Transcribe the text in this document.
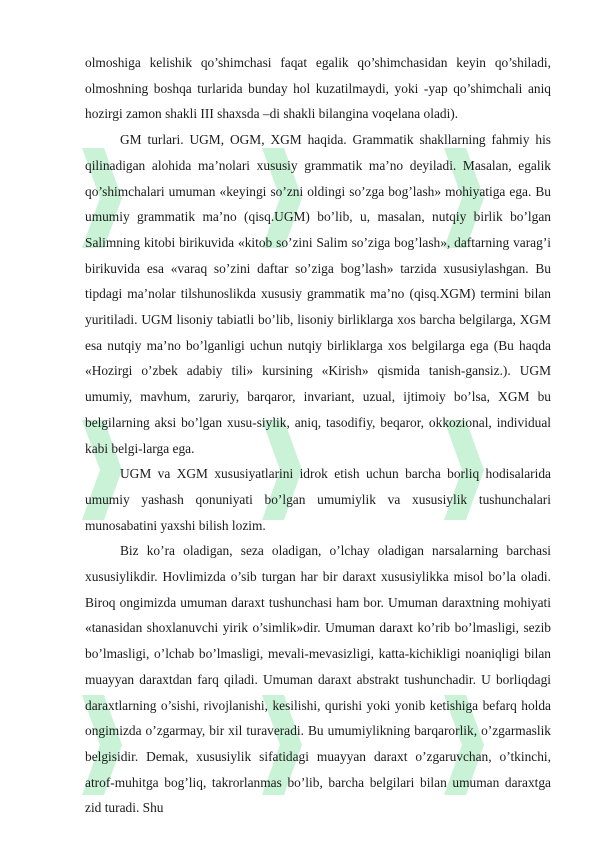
olmoshiga kelishik qo’shimchasi faqat egalik qo’shimchasidan keyin qo’shiladi, olmoshning boshqa turlarida bunday hol kuzatilmaydi, yoki -yap qo’shimchali aniq hozirgi zamon shakli III shaxsda –di shakli bilangina voqelana oladi).

GM turlari. UGM, OGM, XGM haqida. Grammatik shakllarning fahmiy his qilinadigan alohida ma’nolari xususiy grammatik ma’no deyiladi. Masalan, egalik qo’shimchalari umuman «keyingi so’zni oldingi so’zga bog’lash» mohiyatiga ega. Bu umumiy grammatik ma’no (qisq.UGM) bo’lib, u, masalan, nutqiy birlik bo’lgan Salimning kitobi birikuvida «kitob so’zini Salim so’ziga bog’lash», daftarning varag’i birikuvida esa «varaq so’zini daftar so’ziga bog’lash» tarzida xususiylashgan. Bu tipdagi ma’nolar tilshunoslikda xususiy grammatik ma’no (qisq.XGM) termini bilan yuritiladi. UGM lisoniy tabiatli bo’lib, lisoniy birliklarga xos barcha belgilarga, XGM esa nutqiy ma’no bo’lganligi uchun nutqiy birliklarga xos belgilarga ega (Bu haqda «Hozirgi o’zbek adabiy tili» kursining «Kirish» qismida tanish-gansiz.). UGM umumiy, mavhum, zaruriy, barqaror, invariant, uzual, ijtimoiy bo’lsa, XGM bu belgilarning aksi bo’lgan xusu-siylik, aniq, tasodifiy, beqaror, okkozional, individual kabi belgi-larga ega.

UGM va XGM xususiyatlarini idrok etish uchun barcha borliq hodisalarida umumiy yashash qonuniyati bo’lgan umumiylik va xususiylik tushunchalari munosabatini yaxshi bilish lozim.

Biz ko’ra oladigan, seza oladigan, o’lchay oladigan narsalarning barchasi xususiylikdir. Hovlimizda o’sib turgan har bir daraxt xususiylikka misol bo’la oladi. Biroq ongimizda umuman daraxt tushunchasi ham bor. Umuman daraxtning mohiyati «tanasidan shoxlanuvchi yirik o’simlik»dir. Umuman daraxt ko’rib bo’lmasligi, sezib bo’lmasligi, o’lchab bo’lmasligi, mevali-mevasizligi, katta-kichikligi noaniqligi bilan muayyan daraxtdan farq qiladi. Umuman daraxt abstrakt tushunchadir. U borliqdagi daraxtlarning o’sishi, rivojlanishi, kesilishi, qurishi yoki yonib ketishiga befarq holda ongimizda o’zgarmay, bir xil turaveradi. Bu umumiylikning barqarorlik, o’zgarmaslik belgisidir. Demak, xususiylik sifatidagi muayyan daraxt o’zgaruvchan, o’tkinchi, atrof-muhitga bog’liq, takrorlanmas bo’lib, barcha belgilari bilan umuman daraxtga zid turadi. Shu
